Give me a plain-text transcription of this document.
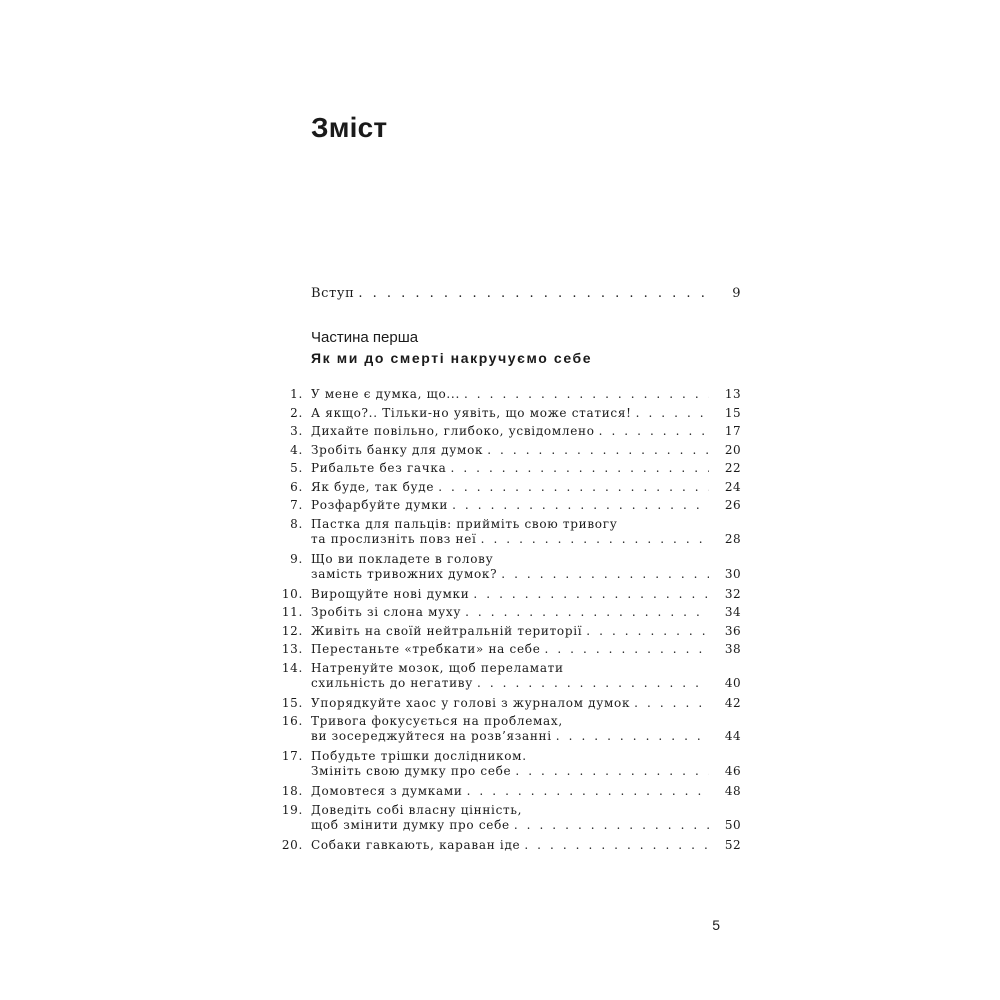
Зміст
Вступ . . .	9

Частина перша

Як ми до смерті накручуємо себе

1. У мене є думка, що... . . .	13
2. А якщо?.. Тільки-но уявіть, що може статися! . . .	15
3. Дихайте повільно, глибоко, усвідомлено . . .	17
4. Зробіть банку для думок . . .	20
5. Рибальте без гачка . . .	22
6. Як буде, так буде . . .	24
7. Розфарбуйте думки . . .	26
8. Пастка для пальців: прийміть свою тривогу
та прослизніть повз неї . . .	28
9. Що ви покладете в голову
замість тривожних думок? . . .	30
10. Вирощуйте нові думки . . .	32
11. Зробіть зі слона муху . . .	34
12. Живіть на своїй нейтральній території . . .	36
13. Перестаньте «требкати» на себе . . .	38
14. Натренуйте мозок, щоб переламати
схильність до негативу . . .	40
15. Упорядкуйте хаос у голові з журналом думок . . .	42
16. Тривога фокусується на проблемах,
ви зосереджуйтеся на розв’язанні . . .	44
17. Побудьте трішки дослідником.
Змініть свою думку про себе . . .	46
18. Домовтеся з думками . . .	48
19. Доведіть собі власну цінність,
щоб змінити думку про себе . . .	50
20. Собаки гавкають, караван іде . . .	52
5
